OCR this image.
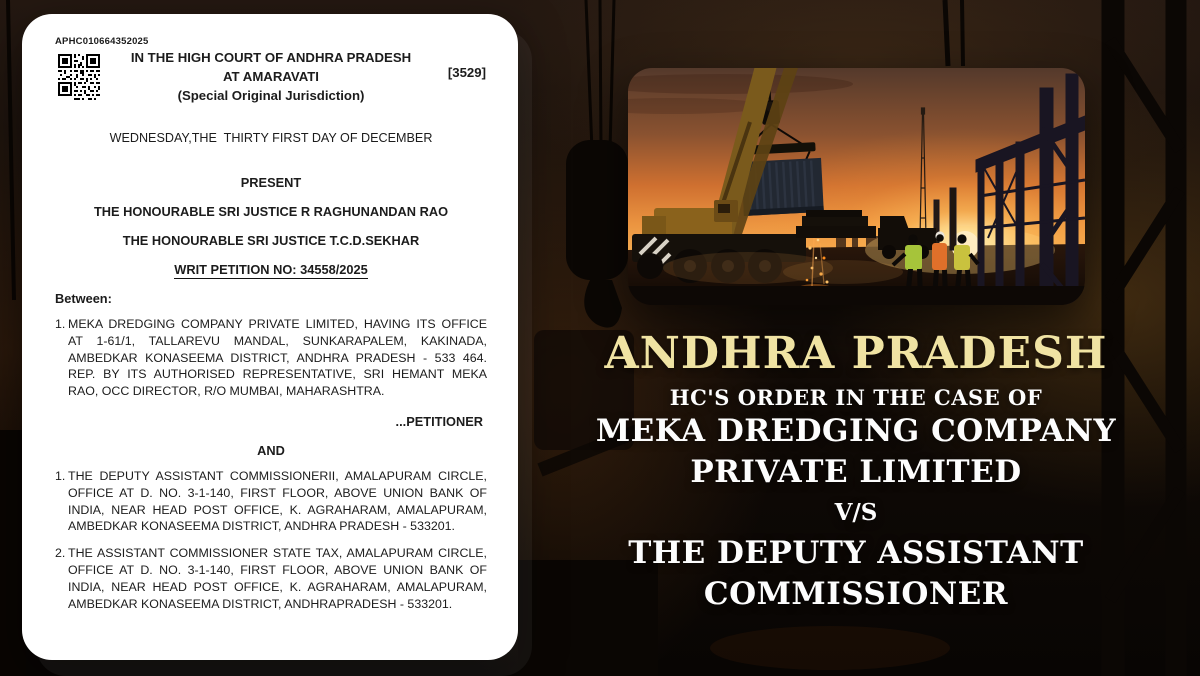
ANDHRA PRADESH
HC'S ORDER IN THE CASE OF
MEKA DREDGING COMPANY
PRIVATE LIMITED
V/S
THE DEPUTY ASSISTANT
COMMISSIONER
APHC010664352025
IN THE HIGH COURT OF ANDHRA PRADESH
AT AMARAVATI	[3529]
(Special Original Jurisdiction)
WEDNESDAY,THE  THIRTY FIRST DAY OF DECEMBER
PRESENT
THE HONOURABLE SRI JUSTICE R RAGHUNANDAN RAO
THE HONOURABLE SRI JUSTICE T.C.D.SEKHAR
WRIT PETITION NO: 34558/2025
Between:
1. MEKA DREDGING COMPANY PRIVATE LIMITED, HAVING ITS OFFICE AT 1-61/1, TALLAREVU MANDAL, SUNKARAPALEM, KAKINADA, AMBEDKAR KONASEEMA DISTRICT, ANDHRA PRADESH - 533 464. REP. BY ITS AUTHORISED REPRESENTATIVE, SRI HEMANT MEKA RAO, OCC DIRECTOR, R/O MUMBAI, MAHARASHTRA.
...PETITIONER
AND
1. THE DEPUTY ASSISTANT COMMISSIONERII, AMALAPURAM CIRCLE, OFFICE AT D. NO. 3-1-140, FIRST FLOOR, ABOVE UNION BANK OF INDIA, NEAR HEAD POST OFFICE, K. AGRAHARAM, AMALAPURAM, AMBEDKAR KONASEEMA DISTRICT, ANDHRA PRADESH - 533201.
2. THE ASSISTANT COMMISSIONER STATE TAX, AMALAPURAM CIRCLE, OFFICE AT D. NO. 3-1-140, FIRST FLOOR, ABOVE UNION BANK OF INDIA, NEAR HEAD POST OFFICE, K. AGRAHARAM, AMALAPURAM, AMBEDKAR KONASEEMA DISTRICT, ANDHRAPRADESH - 533201.
